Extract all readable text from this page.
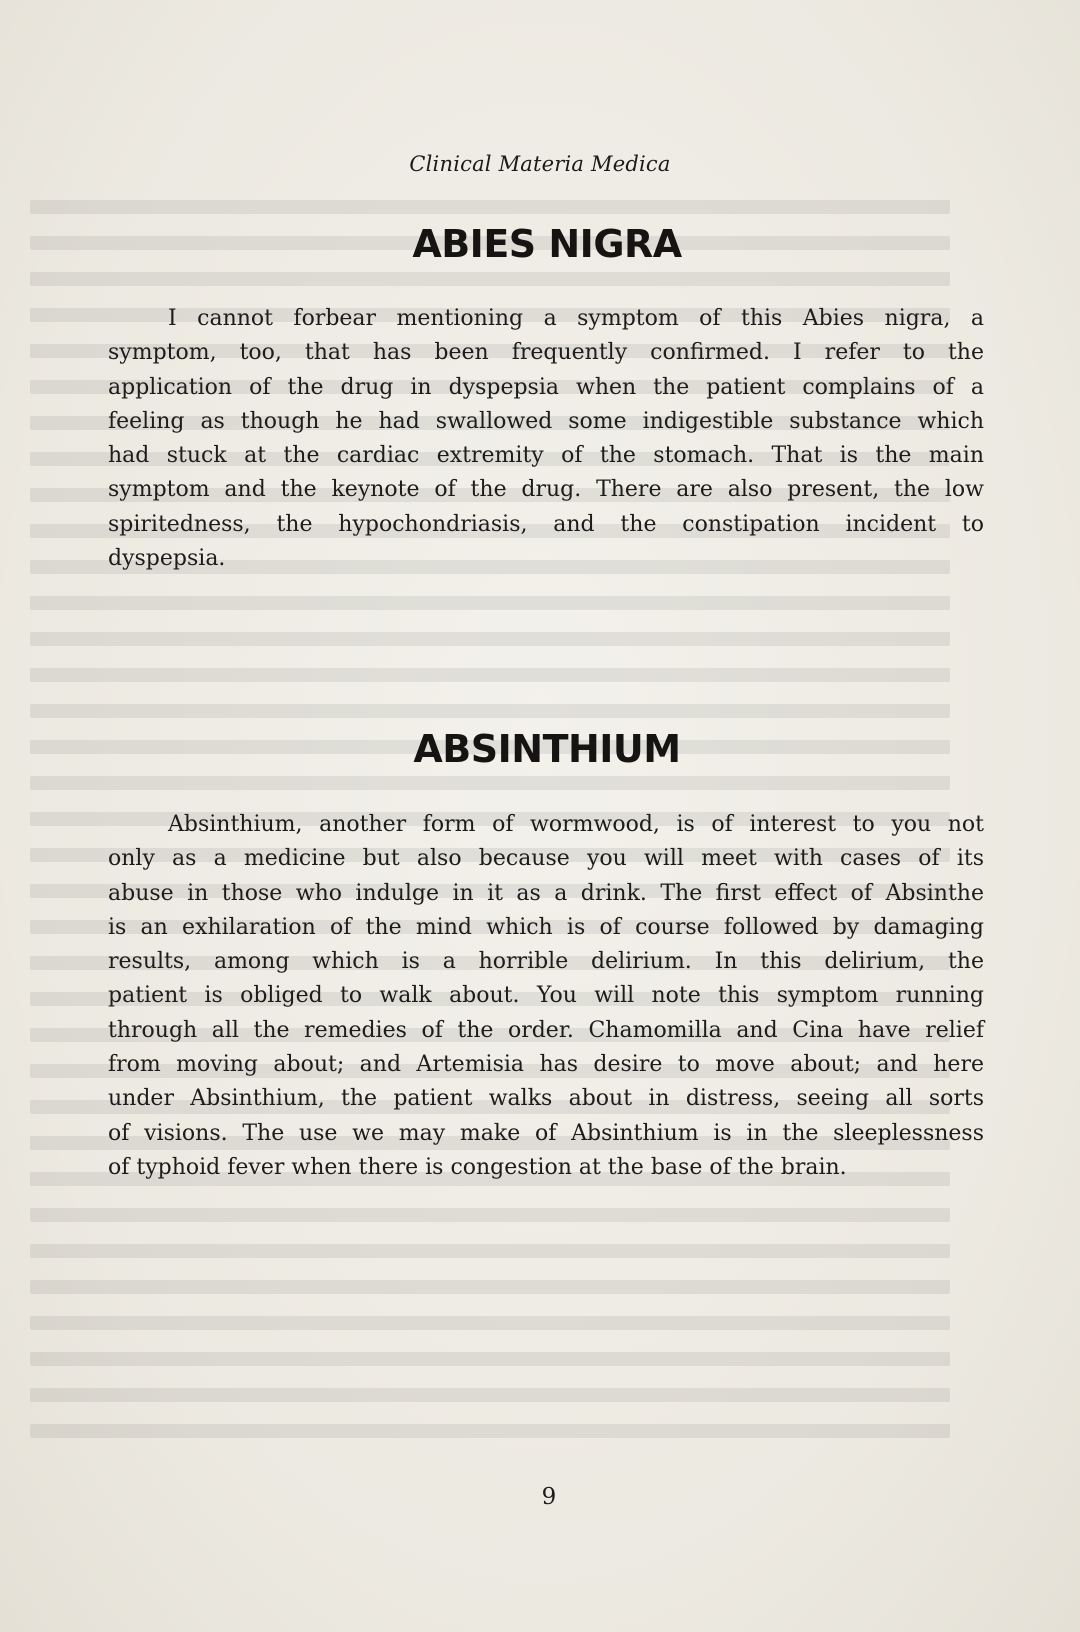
Clinical Materia Medica
ABIES NIGRA
I cannot forbear mentioning a symptom of this Abies nigra, a
symptom, too, that has been frequently confirmed. I refer to the
application of the drug in dyspepsia when the patient complains of a
feeling as though he had swallowed some indigestible substance which
had stuck at the cardiac extremity of the stomach. That is the main
symptom and the keynote of the drug. There are also present, the low
spiritedness, the hypochondriasis, and the constipation incident to
dyspepsia.
ABSINTHIUM
Absinthium, another form of wormwood, is of interest to you not
only as a medicine but also because you will meet with cases of its
abuse in those who indulge in it as a drink. The first effect of Absinthe
is an exhilaration of the mind which is of course followed by damaging
results, among which is a horrible delirium. In this delirium, the
patient is obliged to walk about. You will note this symptom running
through all the remedies of the order. Chamomilla and Cina have relief
from moving about; and Artemisia has desire to move about; and here
under Absinthium, the patient walks about in distress, seeing all sorts
of visions. The use we may make of Absinthium is in the sleeplessness
of typhoid fever when there is congestion at the base of the brain.
9
